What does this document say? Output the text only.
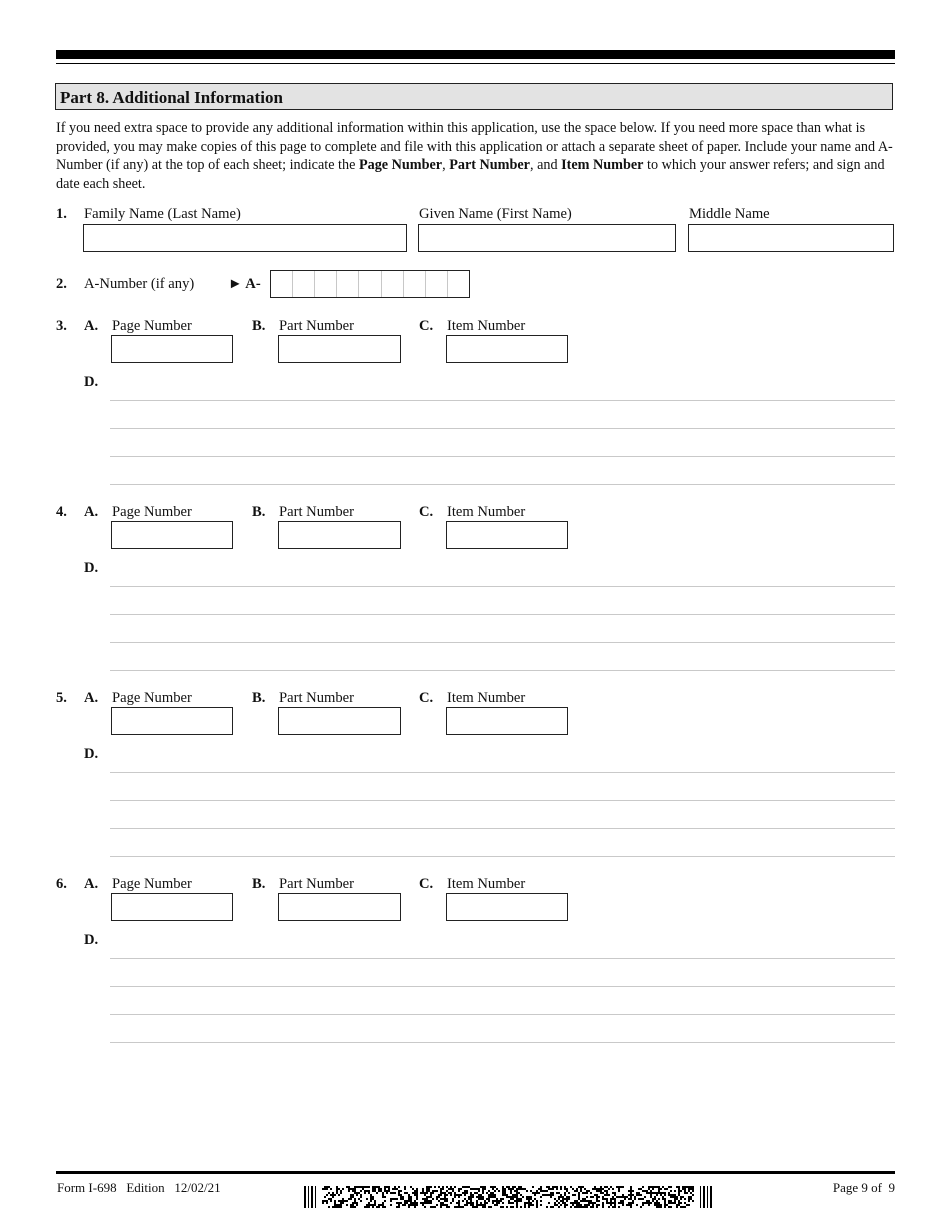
Part 8. Additional Information
If you need extra space to provide any additional information within this application, use the space below. If you need more space than what is provided, you may make copies of this page to complete and file with this application or attach a separate sheet of paper. Include your name and A-Number (if any) at the top of each sheet; indicate the Page Number, Part Number, and Item Number to which your answer refers; and sign and date each sheet.
1. Family Name (Last Name)	Given Name (First Name)	Middle Name
2. A-Number (if any) ► A-
3. A. Page Number	B. Part Number	C. Item Number
D.
4. A. Page Number	B. Part Number	C. Item Number
D.
5. A. Page Number	B. Part Number	C. Item Number
D.
6. A. Page Number	B. Part Number	C. Item Number
D.
Form I-698   Edition   12/02/21	Page 9 of  9
